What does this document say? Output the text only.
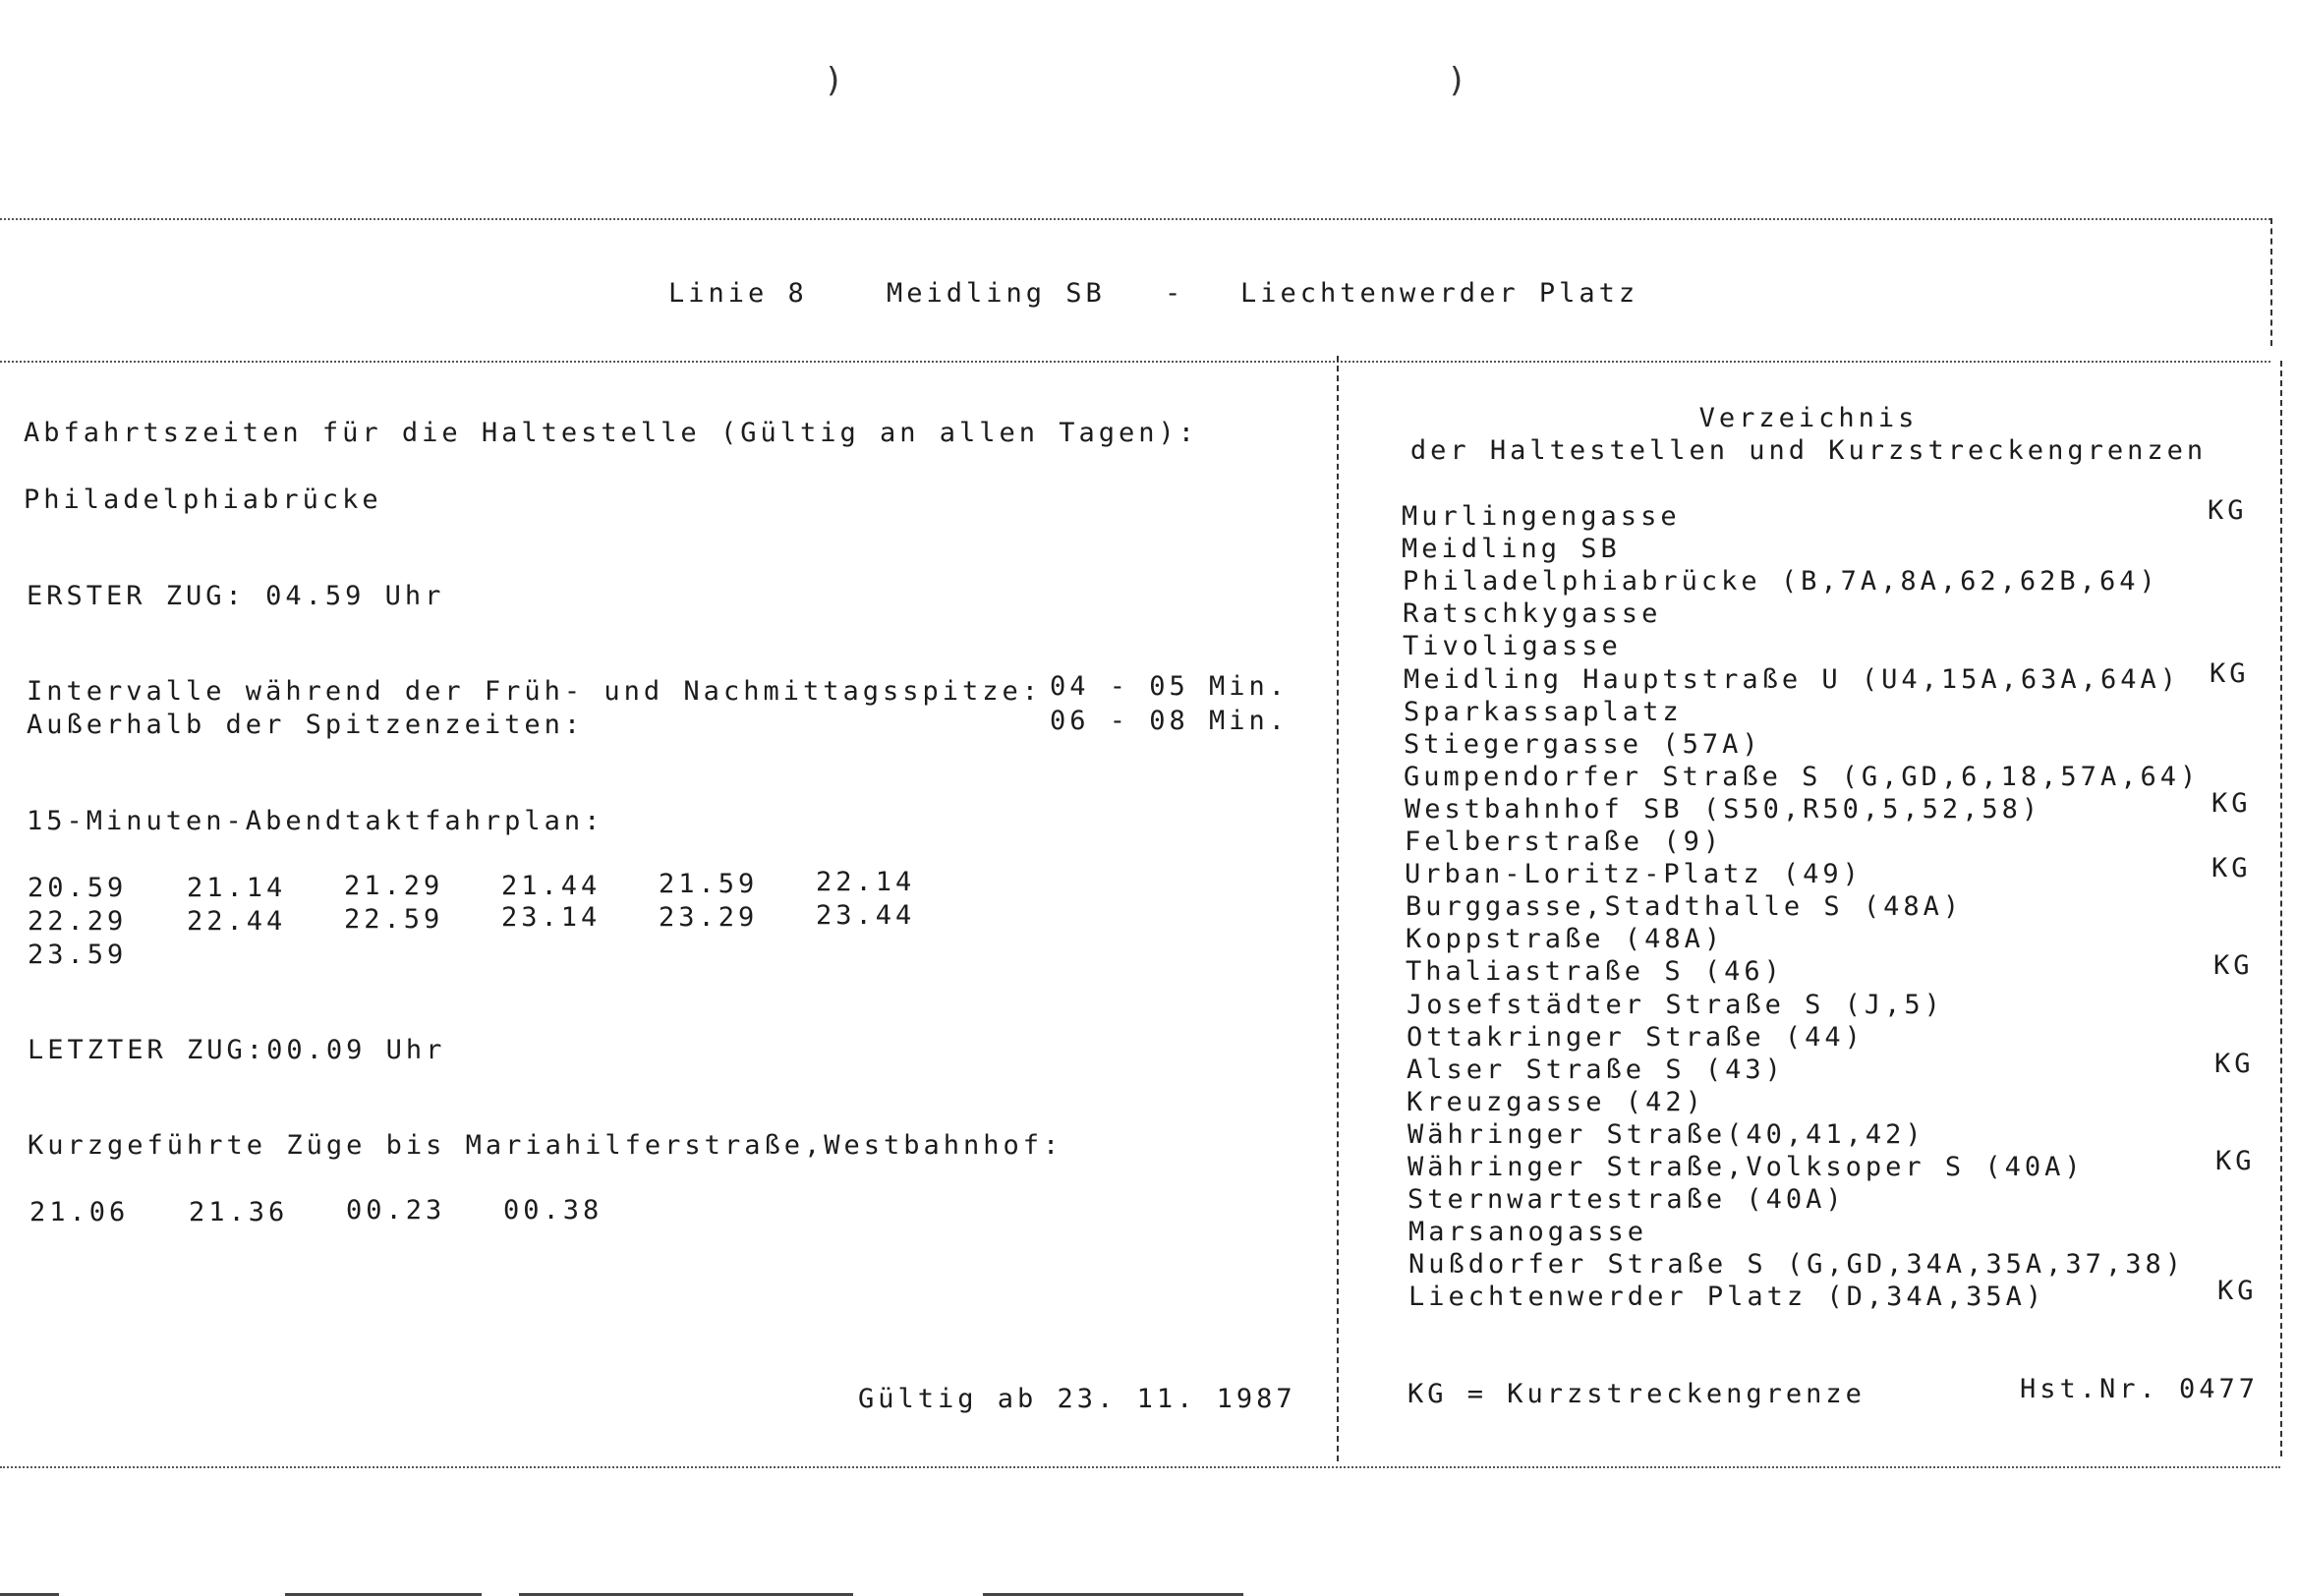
)	)
Linie 8	Meidling SB - Liechtenwerder Platz
Abfahrtszeiten für die Haltestelle (Gültig an allen Tagen):
Philadelphiabrücke
ERSTER ZUG: 04.59 Uhr
Intervalle während der Früh- und Nachmittagsspitze: 04 - 05 Min.
Außerhalb der Spitzenzeiten:	06 - 08 Min.
15-Minuten-Abendtaktfahrplan:
20.59 21.14 21.29 21.44 21.59 22.14
22.29 22.44 22.59 23.14 23.29 23.44
23.59
LETZTER ZUG:00.09 Uhr
Kurzgeführte Züge bis Mariahilferstraße,Westbahnhof:
21.06 21.36 00.23 00.38
Gültig ab 23. 11. 1987
Verzeichnis
der Haltestellen und Kurzstreckengrenzen
Murlingengasse	KG
Meidling SB
Philadelphiabrücke (B,7A,8A,62,62B,64)
Ratschkygasse
Tivoligasse
Meidling Hauptstraße U (U4,15A,63A,64A) KG
Sparkassaplatz
Stiegergasse (57A)
Gumpendorfer Straße S (G,GD,6,18,57A,64)
Westbahnhof SB (S50,R50,5,52,58)	KG
Felberstraße (9)
Urban-Loritz-Platz (49)	KG
Burggasse,Stadthalle S (48A)
Koppstraße (48A)
Thaliastraße S (46)	KG
Josefstädter Straße S (J,5)
Ottakringer Straße (44)
Alser Straße S (43)	KG
Kreuzgasse (42)
Währinger Straße(40,41,42)
Währinger Straße,Volksoper S (40A)	KG
Sternwartestraße (40A)
Marsanogasse
Nußdorfer Straße S (G,GD,34A,35A,37,38)
Liechtenwerder Platz (D,34A,35A)	KG
KG = Kurzstreckengrenze	Hst.Nr. 0477
